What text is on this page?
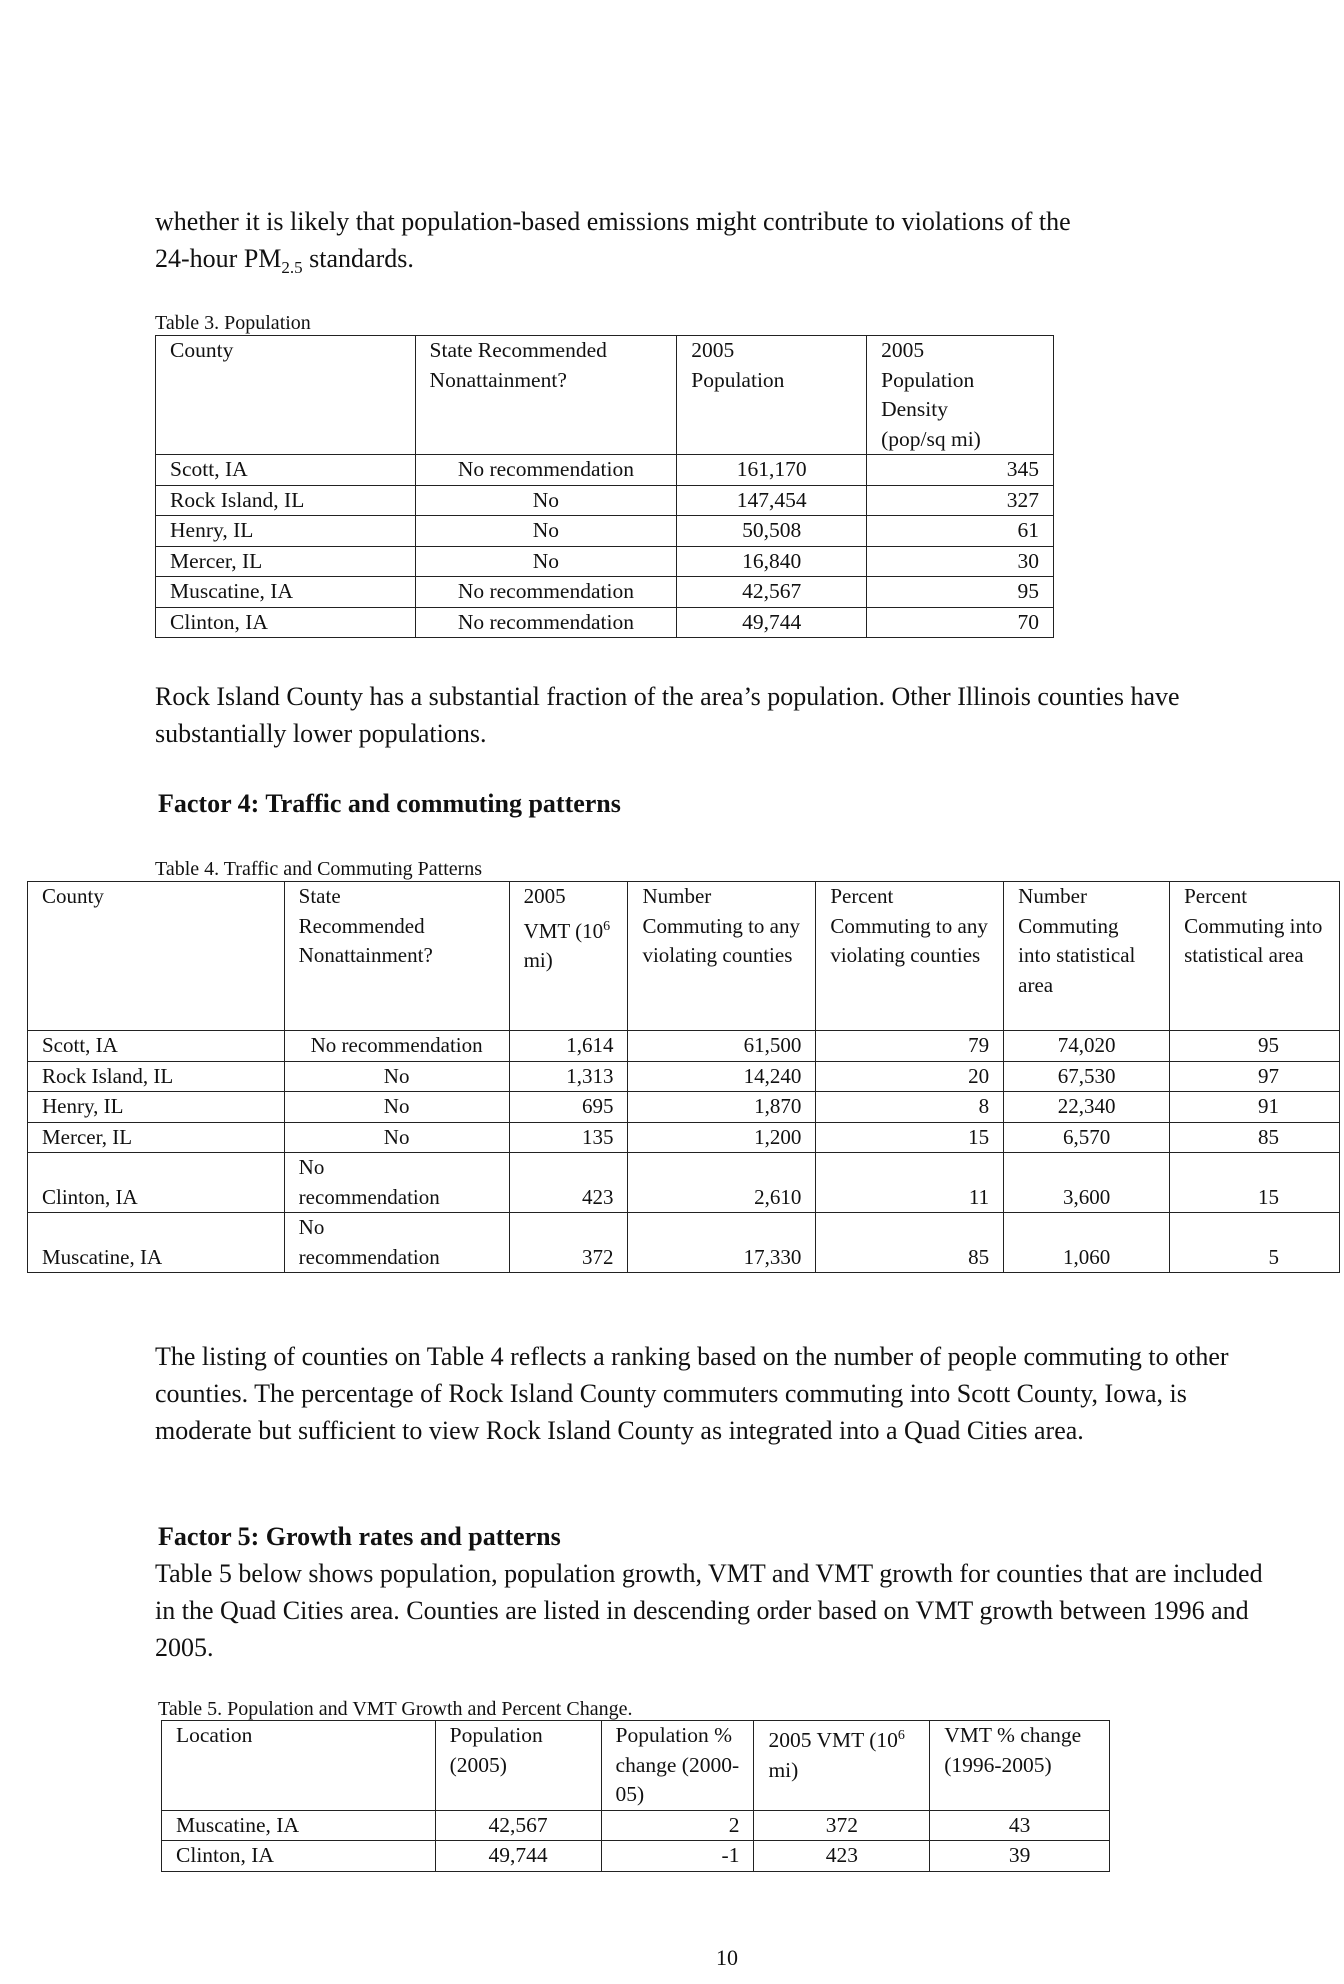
whether it is likely that population-based emissions might contribute to violations of the
24-hour $PM_{2.5}$ standards.

Table 3. Population
County	State Recommended Nonattainment?	2005 Population	2005 Population Density (pop/sq mi)
Scott, IA	No recommendation	161,170	345
Rock Island, IL	No	147,454	327
Henry, IL	No	50,508	61
Mercer, IL	No	16,840	30
Muscatine, IA	No recommendation	42,567	95
Clinton, IA	No recommendation	49,744	70

Rock Island County has a substantial fraction of the area’s population. Other Illinois counties have substantially lower populations.

Factor 4: Traffic and commuting patterns
Table 4. Traffic and Commuting Patterns
County	State Recommended Nonattainment?	2005 VMT ($10^6$ mi)	Number Commuting to any violating counties	Percent Commuting to any violating counties	Number Commuting into statistical area	Percent Commuting into statistical area
Scott, IA	No recommendation	1,614	61,500	79	74,020	95
Rock Island, IL	No	1,313	14,240	20	67,530	97
Henry, IL	No	695	1,870	8	22,340	91
Mercer, IL	No	135	1,200	15	6,570	85
Clinton, IA	No recommendation	423	2,610	11	3,600	15
Muscatine, IA	No recommendation	372	17,330	85	1,060	5

The listing of counties on Table 4 reflects a ranking based on the number of people commuting to other counties. The percentage of Rock Island County commuters commuting into Scott County, Iowa, is moderate but sufficient to view Rock Island County as integrated into a Quad Cities area.

Factor 5: Growth rates and patterns

Table 5 below shows population, population growth, VMT and VMT growth for counties that are included in the Quad Cities area. Counties are listed in descending order based on VMT growth between 1996 and 2005.

Table 5. Population and VMT Growth and Percent Change.
Location	Population (2005)	Population % change (2000-05)	2005 VMT ($10^6$ mi)	VMT % change (1996-2005)
Muscatine, IA	42,567	2	372	43
Clinton, IA	49,744	-1	423	39
10
